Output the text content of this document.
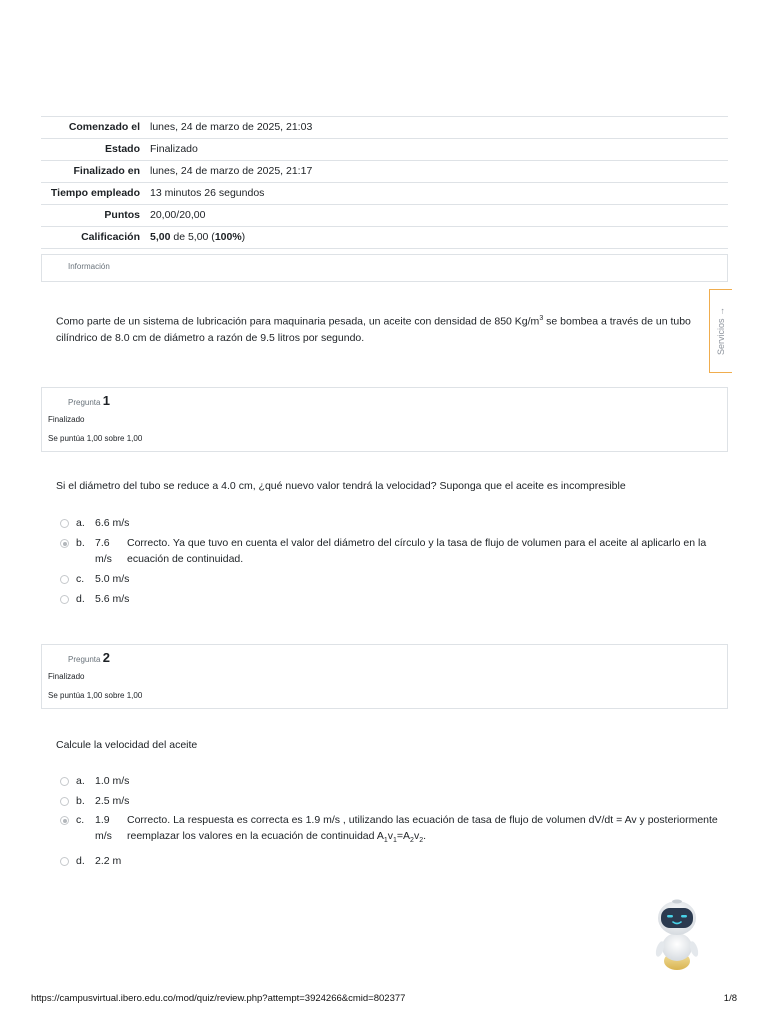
Comenzado el	lunes, 24 de marzo de 2025, 21:03
Estado	Finalizado
Finalizado en	lunes, 24 de marzo de 2025, 21:17
Tiempo empleado	13 minutos 26 segundos
Puntos	20,00/20,00
Calificación	5,00 de 5,00 (100%)
Información
Como parte de un sistema de lubricación para maquinaria pesada, un aceite con densidad de 850 $Kg/m^3$ se bombea a través de un tubo cilíndrico de 8.0 cm de diámetro a razón de 9.5 litros por segundo.	Servicios →
Pregunta 1
Finalizado
Se puntúa 1,00 sobre 1,00
Si el diámetro del tubo se reduce a 4.0 cm, ¿qué nuevo valor tendrá la velocidad? Suponga que el aceite es incompresible
a. 6.6 m/s
b. 7.6 m/s
Correcto. Ya que tuvo en cuenta el valor del diámetro del círculo y la tasa de flujo de volumen para el aceite al aplicarlo en la ecuación de continuidad.
c.	5.0 m/s
d. 5.6 m/s
Pregunta 2
Finalizado
Se puntúa 1,00 sobre 1,00
Calcule la velocidad del aceite
a. 1.0 m/s
b. 2.5 m/s
c.	1.9 m/s
Correcto. La respuesta es correcta es 1.9 m/s , utilizando las ecuación de tasa de flujo de volumen dV/dt = Av y posteriormente reemplazar los valores en la ecuación de continuidad $A_1v_1=A_2v_2$.
d. 2.2 m
https://campusvirtual.ibero.edu.co/mod/quiz/review.php?attempt=3924266&cmid=802377	1/8
